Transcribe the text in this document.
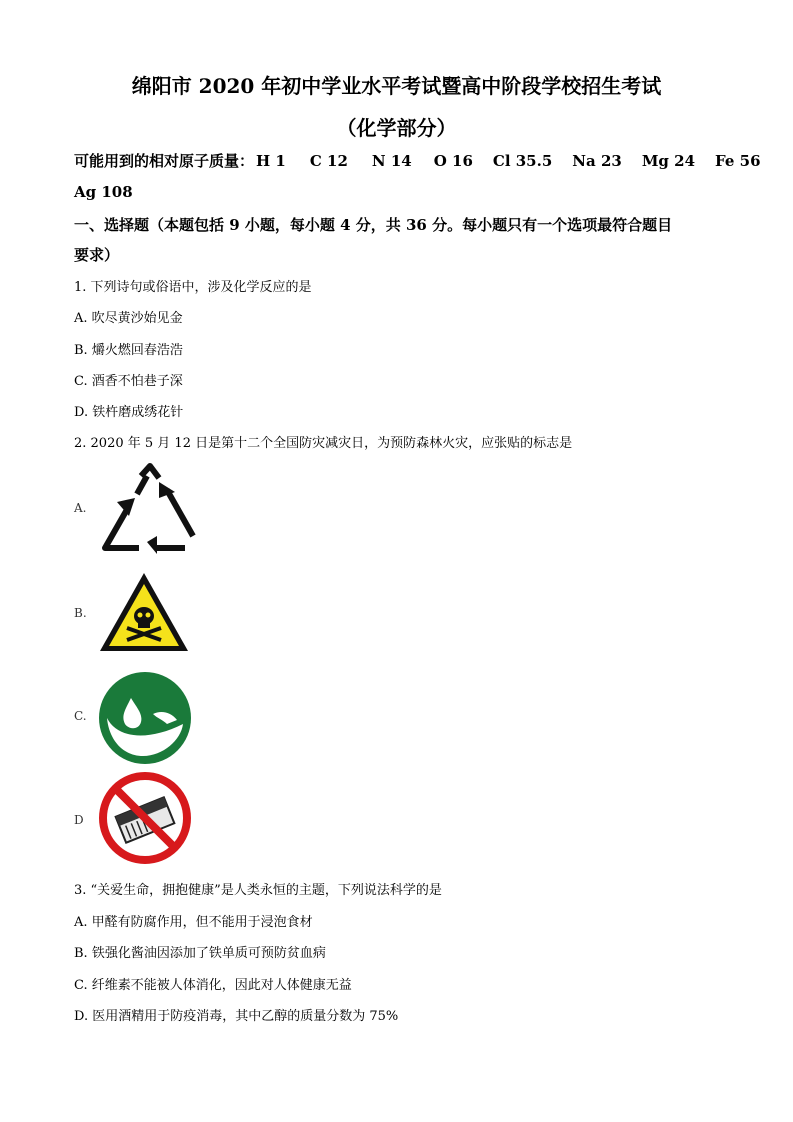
绵阳市 2020 年初中学业水平考试暨高中阶段学校招生考试
（化学部分）
可能用到的相对原子质量： H 1 C 12 N 14 O 16 Cl 35.5 Na 23 Mg 24 Fe 56
Ag 108
一、选择题（本题包括 9 小题，每小题 4 分，共 36 分。每小题只有一个选项最符合题目
要求）
1. 下列诗句或俗语中，涉及化学反应的是
A. 吹尽黄沙始见金
B. 爝火燃回春浩浩
C. 酒香不怕巷子深
D. 铁杵磨成绣花针
2. 2020 年 5 月 12 日是第十二个全国防灾减灾日，为预防森林火灾，应张贴的标志是
A.
B.
C.
D
3. “关爱生命，拥抱健康”是人类永恒的主题，下列说法科学的是
A. 甲醛有防腐作用，但不能用于浸泡食材
B. 铁强化酱油因添加了铁单质可预防贫血病
C. 纤维素不能被人体消化，因此对人体健康无益
D. 医用酒精用于防疫消毒，其中乙醇的质量分数为 75%
